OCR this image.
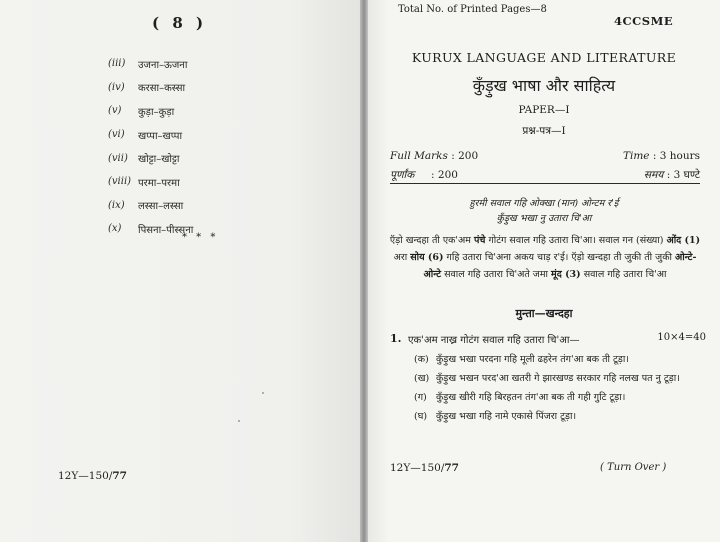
( 8 )
(iii)	उजना–ऊजना
(iv)	करसा–कस्सा
(v)	कुड़ा–कुड़ा
(vi)	खप्पा–खप्पा
(vii)	खोट्टा–खोट्टा
(viii) परमा–परमा
(ix)	लस्सा–लस्सा
(x)	पिसना–पीस्सना
* * *
12Y—150/77
Total No. of Printed Pages—8
4CCSME
KURUX LANGUAGE AND LITERATURE
कुँड़ुख भाषा और साहित्य
PAPER—I
प्रश्न-पत्र—I
Full Marks : 200	Time : 3 hours
पूर्णांक : 200	समय : 3 घण्टे
हुरमी सवाल गहि ओक्खा (मान) ओन्टम र'ई
कुँड़ुख भखा नु उतारा चि'आ
ऍड़ो खन्दहा ती एक'अम पंचे गोटंग सवाल गहि उतारा चि'आ। सवाल गन (संख्या) ओंद (1) अरा सोय (6) गहि उतारा चि'अना अकय चाड़ र'ई। ऍड़ो खन्दहा ती जुकी ती जुकी ओन्टे-ओन्टे सवाल गहि उतारा चि'अते जमा मूंद (3) सवाल गहि उतारा चि'आ
मुन्ता—खन्दहा
1. एक'अम नाख्र गोटंग सवाल गहि उतारा चि'आ—	10×4=40
(क) कुँड़ुख भखा परदना गहि मूली ढहरेन तंग'आ बक ती टूड़ा।
(ख) कुँड़ुख भखन परद'आ खतरी गे झारखण्ड सरकार गहि नलख पत नु टूड़ा।
(ग) कुँड़ुख खीरी गहि बिरहतन तंग'आ बक ती गही गुटि टूड़ा।
(घ) कुँड़ुख भखा गहि नामे एकासे पिंजरा टूड़ा।
12Y—150/77	( Turn Over )
